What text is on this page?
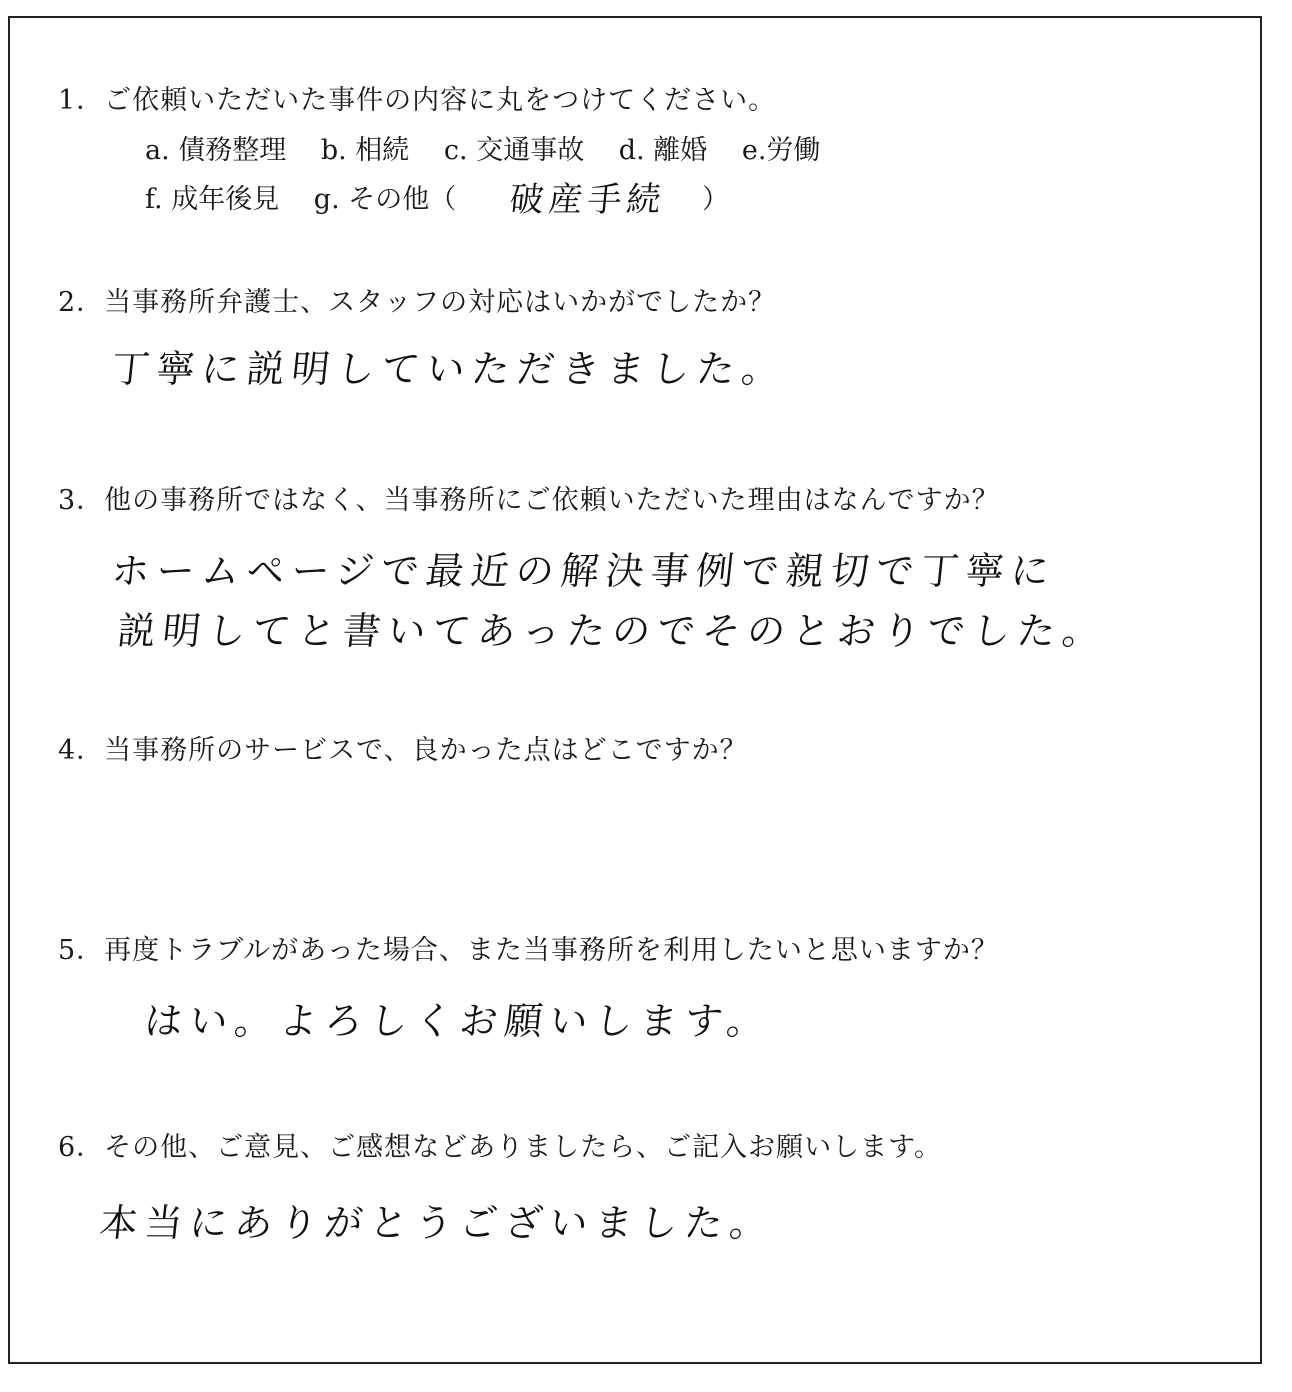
1．ご依頼いただいた事件の内容に丸をつけてください。
a. 債務整理 b. 相続 c. 交通事故 d. 離婚 e.労働
f. 成年後見 g. その他（ 破産手続 ）
2．当事務所弁護士、スタッフの対応はいかがでしたか？
丁寧に説明していただきました。
3．他の事務所ではなく、当事務所にご依頼いただいた理由はなんですか？
ホームページで最近の解決事例で親切で丁寧に
説明してと書いてあったのでそのとおりでした。
4．当事務所のサービスで、良かった点はどこですか？
5．再度トラブルがあった場合、また当事務所を利用したいと思いますか？
はい。よろしくお願いします。
6．その他、ご意見、ご感想などありましたら、ご記入お願いします。
本当にありがとうございました。
